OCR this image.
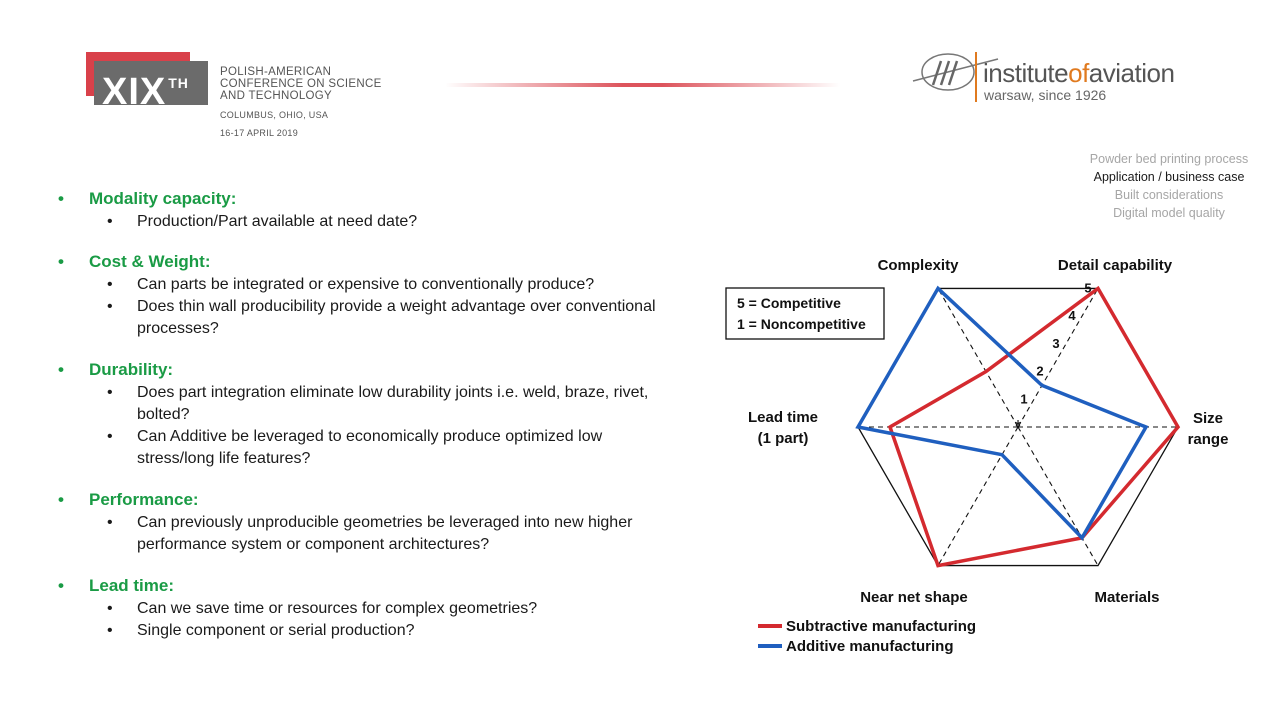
XIX $^{TH}$
POLISH-AMERICAN
CONFERENCE ON SCIENCE
AND TECHNOLOGY
COLUMBUS, OHIO, USA
16-17 APRIL 2019
instituteofaviation
warsaw, since 1926
Powder bed printing process
Application / business case
Built considerations
Digital model quality
• Modality capacity:
• Production/Part available at need date?
• Cost & Weight:
• Can parts be integrated or expensive to conventionally produce?
• Does thin wall producibility provide a weight advantage over conventional
processes?
• Durability:
• Does part integration eliminate low durability joints i.e. weld, braze, rivet,
bolted?
• Can Additive be leveraged to economically produce optimized low
stress/long life features?
• Performance:
• Can previously unproducible geometries be leveraged into new higher
performance system or component architectures?
• Lead time:
• Can we save time or resources for complex geometries?
• Single component or serial production?
*
1
2
3
4
5
Detail capability
Size
range
Materials
Near net shape
Lead time
(1 part)
Complexity
5 = Competitive
1 = Noncompetitive
Subtractive manufacturing
Additive manufacturing
